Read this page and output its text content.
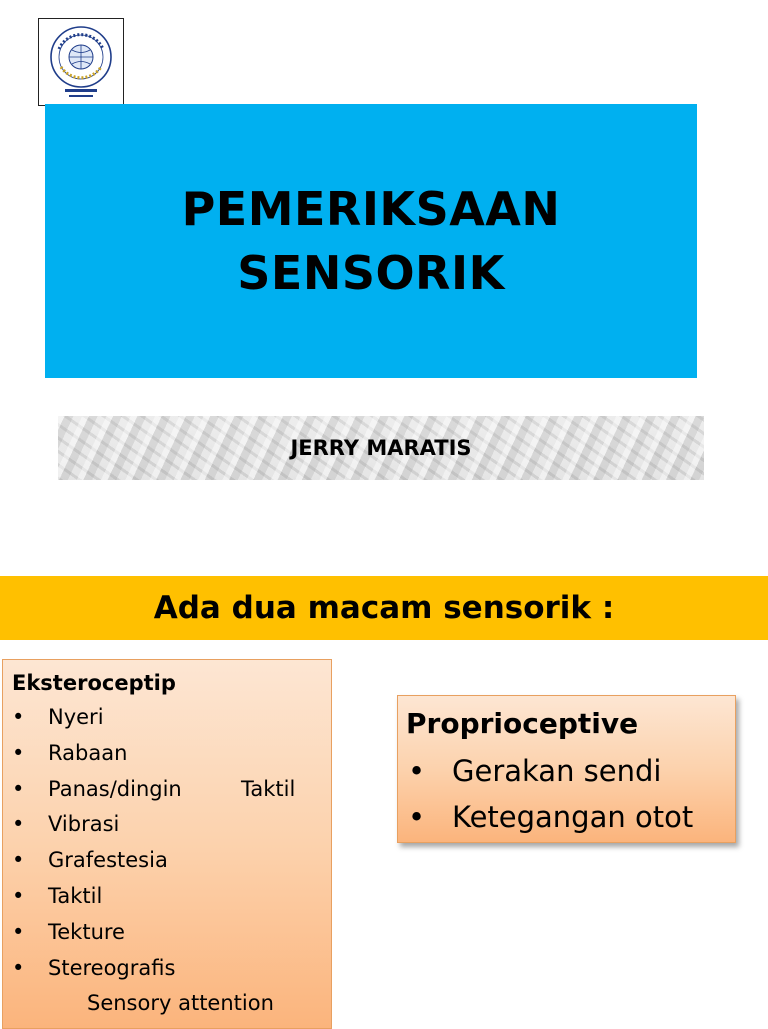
PEMERIKSAAN
SENSORIK
JERRY MARATIS
Ada dua macam sensorik :
Eksteroceptip
• Nyeri
• Rabaan
• Panas/dingin	Taktil
• Vibrasi
• Grafestesia
• Taktil
• Tekture
• Stereografis
Sensory attention
Proprioceptive
• Gerakan sendi
• Ketegangan otot
